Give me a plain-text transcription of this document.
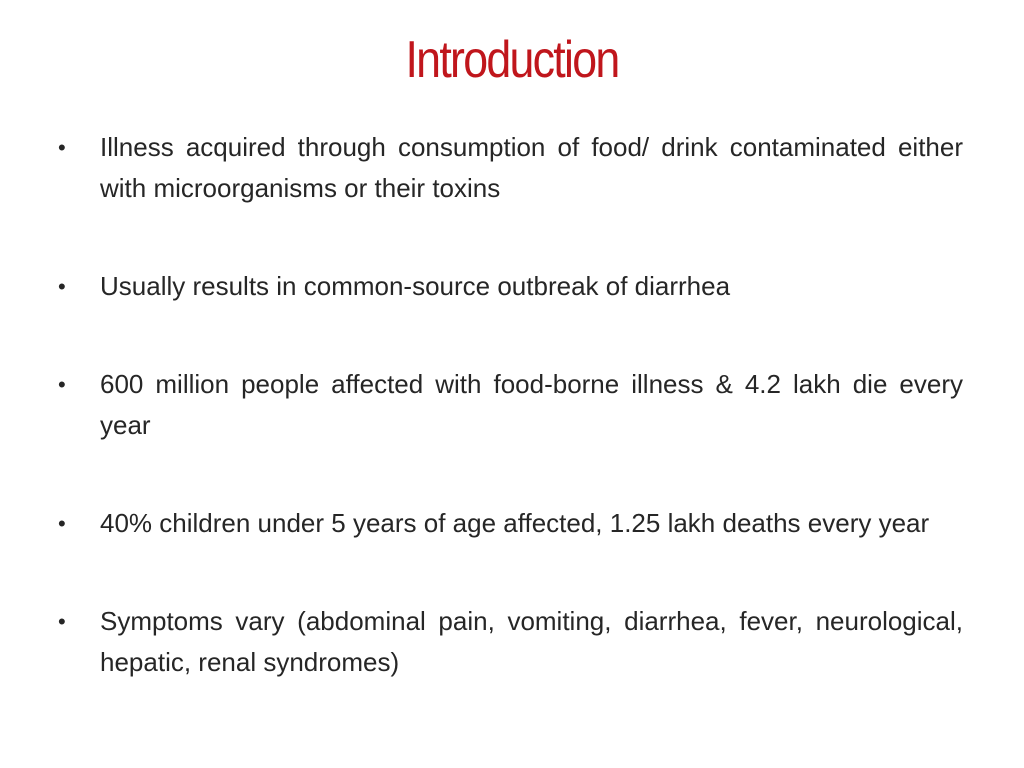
Introduction
•	Illness acquired through consumption of food/ drink contaminated either with microorganisms or their toxins
•	Usually results in common-source outbreak of diarrhea
•	600 million people affected with food-borne illness & 4.2 lakh die every year
•	40% children under 5 years of age affected, 1.25 lakh deaths every year
•	Symptoms vary (abdominal pain, vomiting, diarrhea, fever, neurological, hepatic, renal syndromes)
